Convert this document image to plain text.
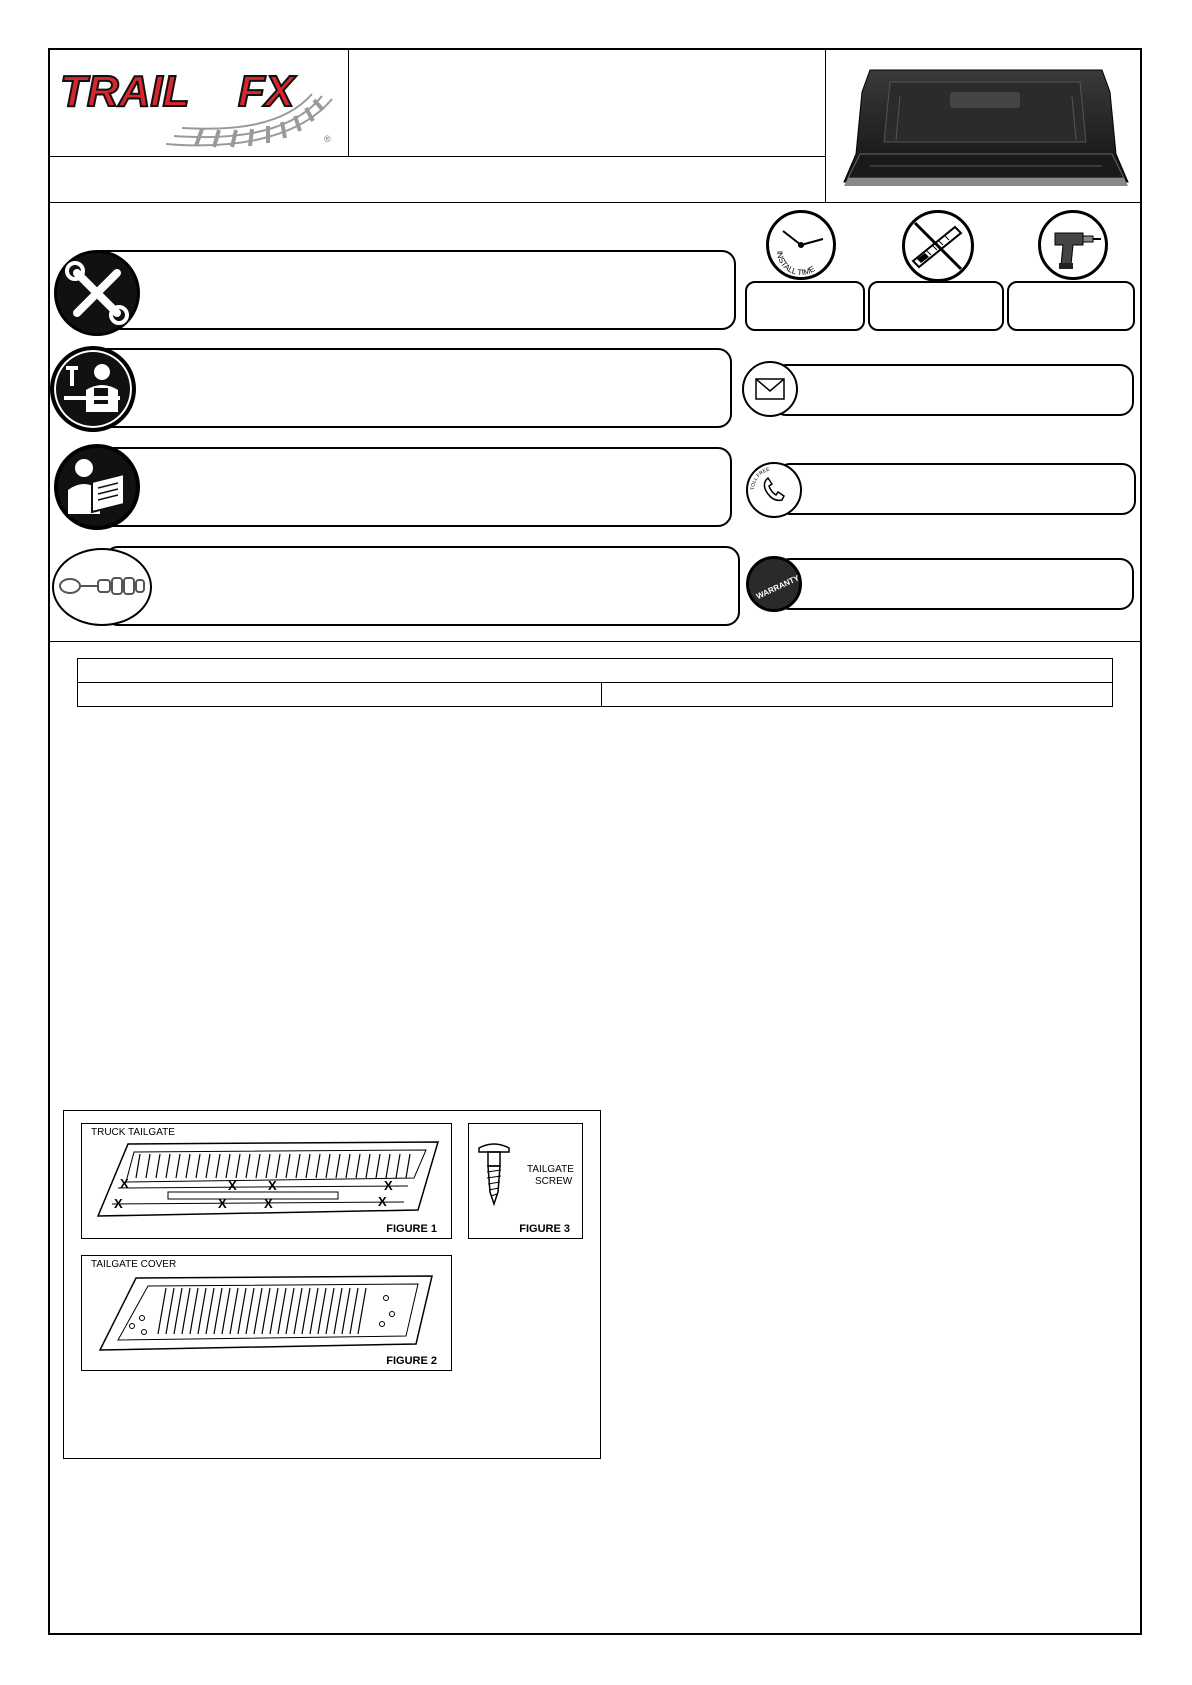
TRAIL FX
®
INSTALL TIME
TOLL FREE
WARRANTY
TRUCK TAILGATE
X
X
X
X
X
X
X
X
FIGURE 1
TAILGATE
SCREW
FIGURE 3
TAILGATE COVER
FIGURE 2
